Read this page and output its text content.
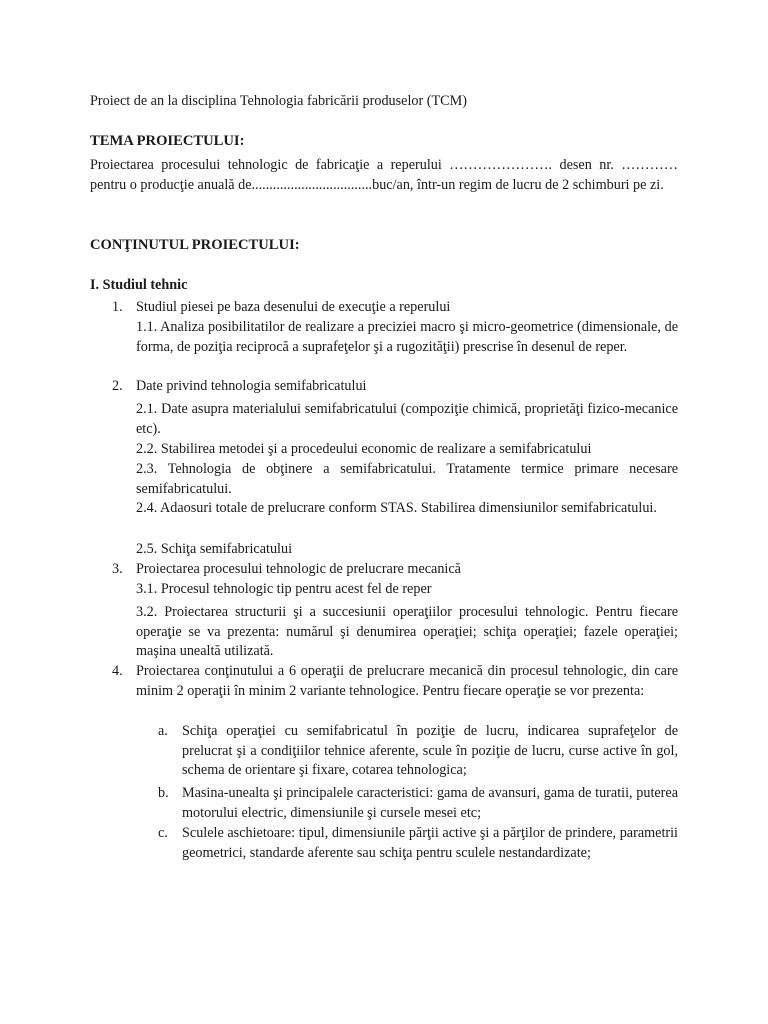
Proiect de an la disciplina Tehnologia fabricării produselor (TCM)

TEMA PROIECTULUI:

Proiectarea procesului tehnologic de fabricaţie a reperului …………………. desen nr. ………… pentru o producţie anuală de..................................buc/an, într-un regim de lucru de 2 schimburi pe zi.

CONŢINUTUL PROIECTULUI:

I. Studiul tehnic

1. Studiul piesei pe baza desenului de execuţie a reperului

1.1. Analiza posibilitatilor de realizare a preciziei macro şi micro-geometrice (dimensionale, de forma, de poziţia reciprocă a suprafeţelor şi a rugozităţii) prescrise în desenul de reper.

2. Date privind tehnologia semifabricatului

2.1. Date asupra materialului semifabricatului (compoziţie chimică, proprietăţi fizico-mecanice etc).

2.2. Stabilirea metodei şi a procedeului economic de realizare a semifabricatului

2.3. Tehnologia de obţinere a semifabricatului. Tratamente termice primare necesare semifabricatului.

2.4. Adaosuri totale de prelucrare conform STAS. Stabilirea dimensiunilor semifabricatului.

2.5. Schiţa semifabricatului

3. Proiectarea procesului tehnologic de prelucrare mecanică

3.1. Procesul tehnologic tip pentru acest fel de reper

3.2. Proiectarea structurii şi a succesiunii operaţiilor procesului tehnologic. Pentru fiecare operaţie se va prezenta: numărul şi denumirea operaţiei; schiţa operaţiei; fazele operaţiei; maşina unealtă utilizată.

4. Proiectarea conţinutului a 6 operaţii de prelucrare mecanică din procesul tehnologic, din care minim 2 operaţii în minim 2 variante tehnologice. Pentru fiecare operaţie se vor prezenta:

a. Schiţa operaţiei cu semifabricatul în poziţie de lucru, indicarea suprafeţelor de prelucrat şi a condiţiilor tehnice aferente, scule în poziţie de lucru, curse active în gol, schema de orientare şi fixare, cotarea tehnologica;

b. Masina-unealta şi principalele caracteristici: gama de avansuri, gama de turatii, puterea motorului electric, dimensiunile şi cursele mesei etc;

c. Sculele aschietoare: tipul, dimensiunile părţii active şi a părţilor de prindere, parametrii geometrici, standarde aferente sau schiţa pentru sculele nestandardizate;
